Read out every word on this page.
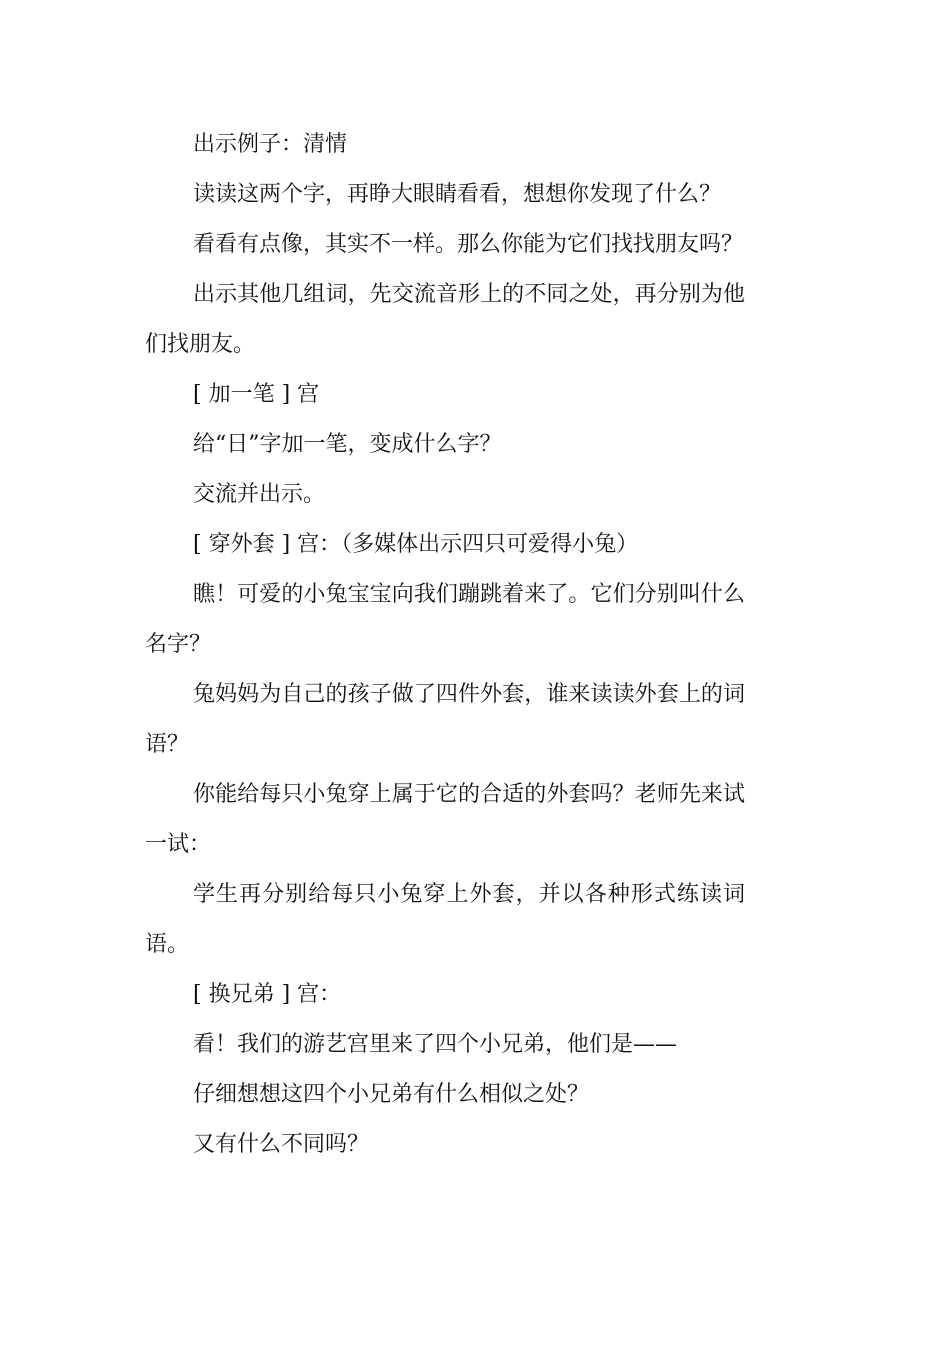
出示例子：清情

读读这两个字，再睁大眼睛看看，想想你发现了什么？

看看有点像，其实不一样。那么你能为它们找找朋友吗？

出示其他几组词，先交流音形上的不同之处，再分别为他们找朋友。

[ 加一笔 ] 宫

给“日”字加一笔，变成什么字？

交流并出示。

[ 穿外套 ] 宫：（多媒体出示四只可爱得小兔）

瞧！可爱的小兔宝宝向我们蹦跳着来了。它们分别叫什么名字？

兔妈妈为自己的孩子做了四件外套，谁来读读外套上的词语？

你能给每只小兔穿上属于它的合适的外套吗？老师先来试一试：

学生再分别给每只小兔穿上外套，并以各种形式练读词语。

[ 换兄弟 ] 宫：

看！我们的游艺宫里来了四个小兄弟，他们是——

仔细想想这四个小兄弟有什么相似之处？

又有什么不同吗？
